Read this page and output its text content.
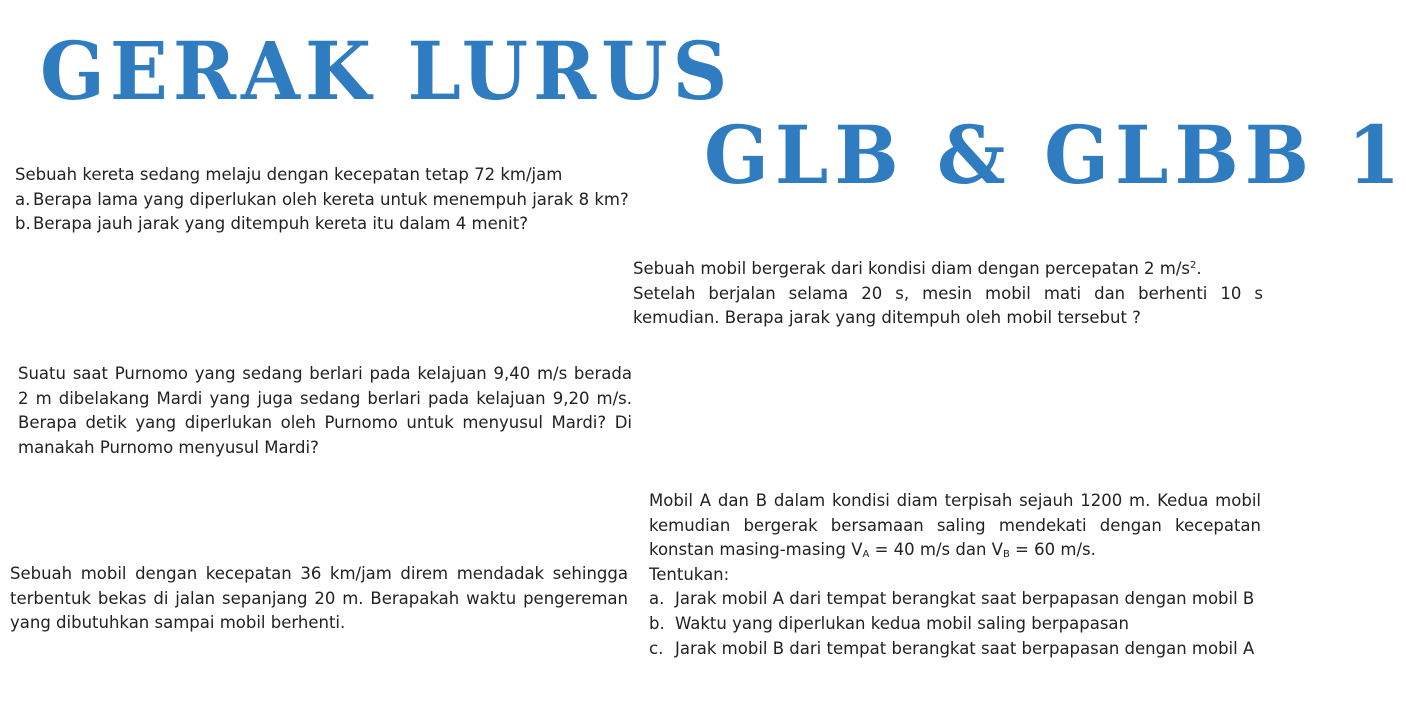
GERAK LURUS
GLB & GLBB 1
Sebuah kereta sedang melaju dengan kecepatan tetap 72 km/jam
a. Berapa lama yang diperlukan oleh kereta untuk menempuh jarak 8 km?
b. Berapa jauh jarak yang ditempuh kereta itu dalam 4 menit?
Sebuah mobil bergerak dari kondisi diam dengan percepatan 2 $m/s^2$.
Setelah berjalan selama 20 s, mesin mobil mati dan berhenti 10 s kemudian. Berapa jarak yang ditempuh oleh mobil tersebut ?
Suatu saat Purnomo yang sedang berlari pada kelajuan 9,40 m/s berada 2 m dibelakang Mardi yang juga sedang berlari pada kelajuan 9,20 m/s. Berapa detik yang diperlukan oleh Purnomo untuk menyusul Mardi? Di manakah Purnomo menyusul Mardi?
Sebuah mobil dengan kecepatan 36 km/jam direm mendadak sehingga terbentuk bekas di jalan sepanjang 20 m. Berapakah waktu pengereman yang dibutuhkan sampai mobil berhenti.
Mobil A dan B dalam kondisi diam terpisah sejauh 1200 m. Kedua mobil kemudian bergerak bersamaan saling mendekati dengan kecepatan konstan masing-masing $V_A = 40$ m/s dan $V_B = 60$ m/s.
Tentukan:
a. Jarak mobil A dari tempat berangkat saat berpapasan dengan mobil B
b. Waktu yang diperlukan kedua mobil saling berpapasan
c. Jarak mobil B dari tempat berangkat saat berpapasan dengan mobil A
